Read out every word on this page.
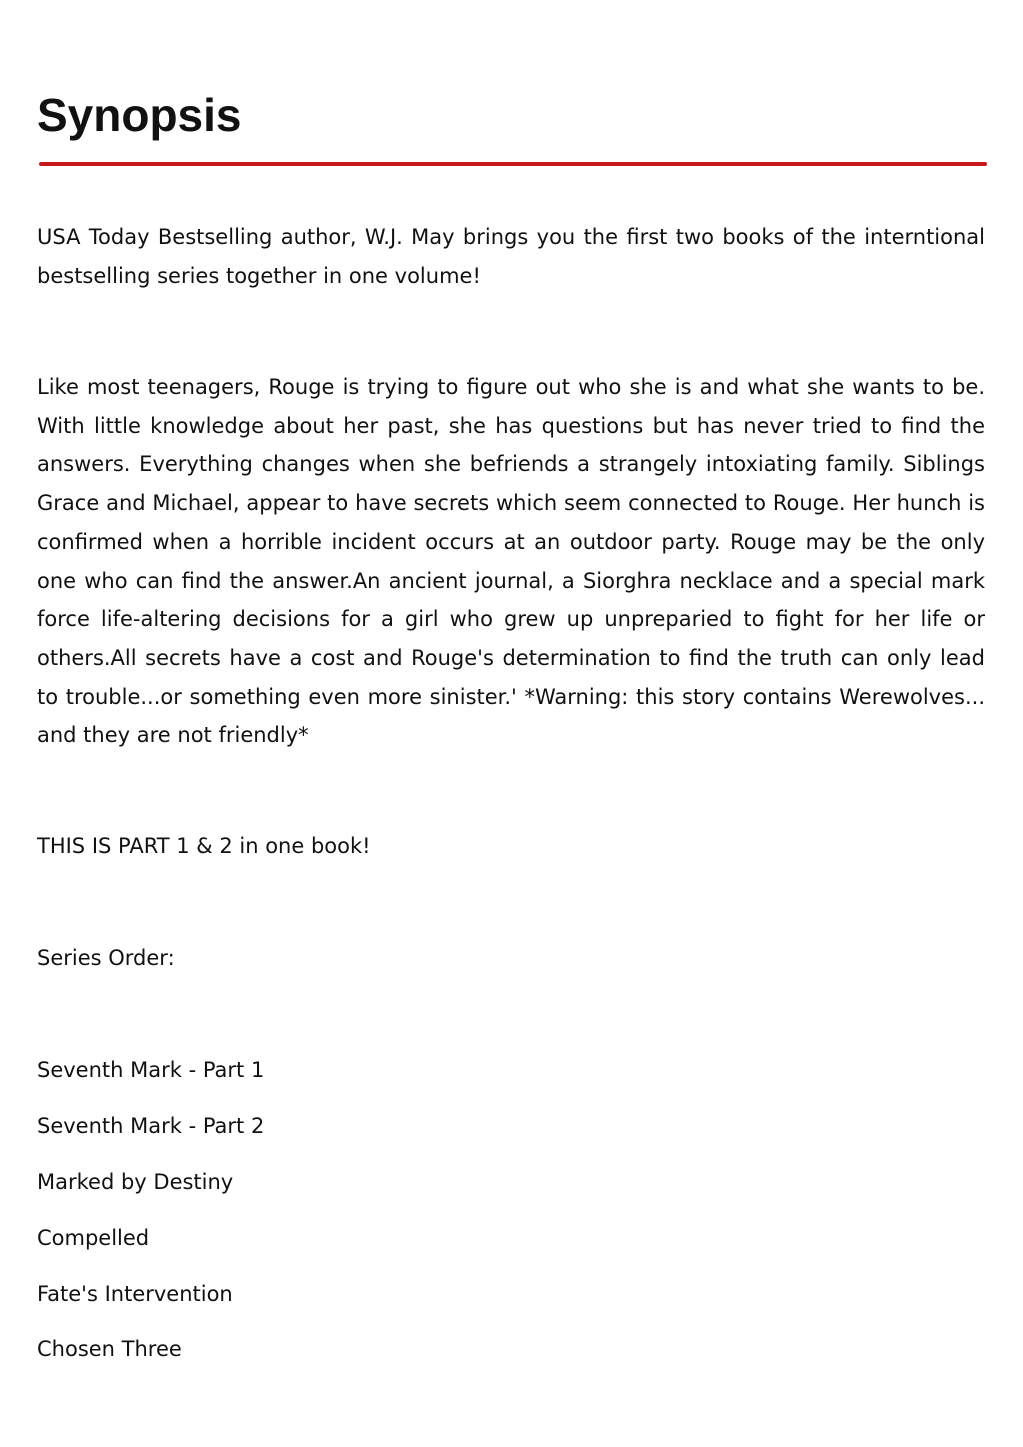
Synopsis

USA Today Bestselling author, W.J. May brings you the first two books of the interntional bestselling series together in one volume!

Like most teenagers, Rouge is trying to figure out who she is and what she wants to be. With little knowledge about her past, she has questions but has never tried to find the answers. Everything changes when she befriends a strangely intoxiating family. Siblings Grace and Michael, appear to have secrets which seem connected to Rouge. Her hunch is confirmed when a horrible incident occurs at an outdoor party. Rouge may be the only one who can find the answer.An ancient journal, a Siorghra necklace and a special mark force life-altering decisions for a girl who grew up unpreparied to fight for her life or others.All secrets have a cost and Rouge's determination to find the truth can only lead to trouble...or something even more sinister.' *Warning: this story contains Werewolves... and they are not friendly*

THIS IS PART 1 & 2 in one book!

Series Order:

Seventh Mark - Part 1

Seventh Mark - Part 2

Marked by Destiny

Compelled

Fate's Intervention

Chosen Three
